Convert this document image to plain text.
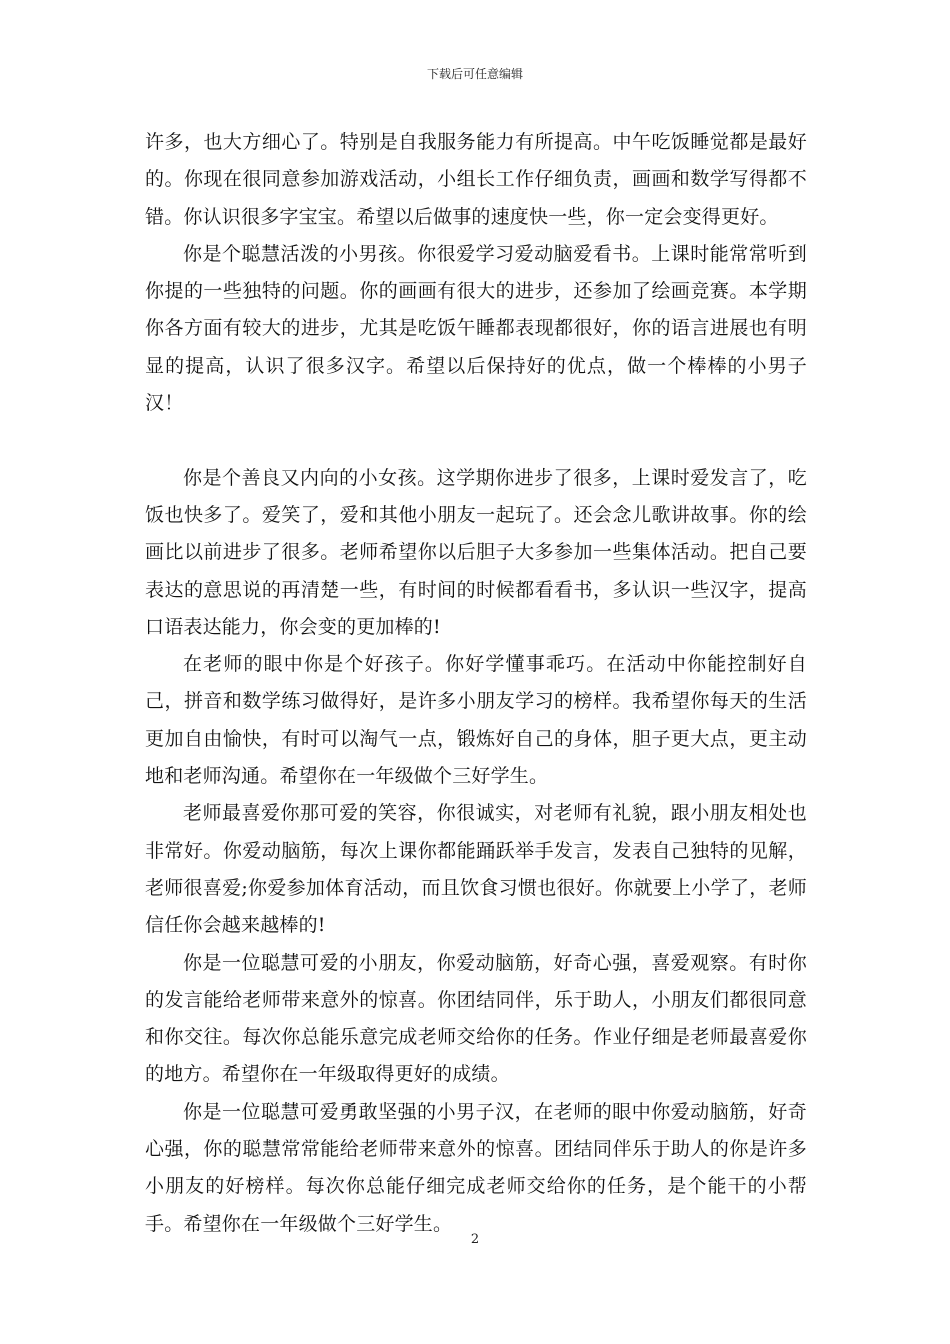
下载后可任意编辑

许多，也大方细心了。特别是自我服务能力有所提高。中午吃饭睡觉都是最好的。你现在很同意参加游戏活动，小组长工作仔细负责，画画和数学写得都不错。你认识很多字宝宝。希望以后做事的速度快一些，你一定会变得更好。

你是个聪慧活泼的小男孩。你很爱学习爱动脑爱看书。上课时能常常听到你提的一些独特的问题。你的画画有很大的进步，还参加了绘画竞赛。本学期你各方面有较大的进步，尤其是吃饭午睡都表现都很好，你的语言进展也有明显的提高，认识了很多汉字。希望以后保持好的优点，做一个棒棒的小男子汉！

你是个善良又内向的小女孩。这学期你进步了很多，上课时爱发言了，吃饭也快多了。爱笑了，爱和其他小朋友一起玩了。还会念儿歌讲故事。你的绘画比以前进步了很多。老师希望你以后胆子大多参加一些集体活动。把自己要表达的意思说的再清楚一些，有时间的时候都看看书，多认识一些汉字，提高口语表达能力，你会变的更加棒的!

在老师的眼中你是个好孩子。你好学懂事乖巧。在活动中你能控制好自己，拼音和数学练习做得好，是许多小朋友学习的榜样。我希望你每天的生活更加自由愉快，有时可以淘气一点，锻炼好自己的身体，胆子更大点，更主动地和老师沟通。希望你在一年级做个三好学生。

老师最喜爱你那可爱的笑容，你很诚实，对老师有礼貌，跟小朋友相处也非常好。你爱动脑筋，每次上课你都能踊跃举手发言，发表自己独特的见解，老师很喜爱;你爱参加体育活动，而且饮食习惯也很好。你就要上小学了，老师信任你会越来越棒的!

你是一位聪慧可爱的小朋友，你爱动脑筋，好奇心强，喜爱观察。有时你的发言能给老师带来意外的惊喜。你团结同伴，乐于助人，小朋友们都很同意和你交往。每次你总能乐意完成老师交给你的任务。作业仔细是老师最喜爱你的地方。希望你在一年级取得更好的成绩。

你是一位聪慧可爱勇敢坚强的小男子汉，在老师的眼中你爱动脑筋，好奇心强，你的聪慧常常能给老师带来意外的惊喜。团结同伴乐于助人的你是许多小朋友的好榜样。每次你总能仔细完成老师交给你的任务，是个能干的小帮手。希望你在一年级做个三好学生。

2
